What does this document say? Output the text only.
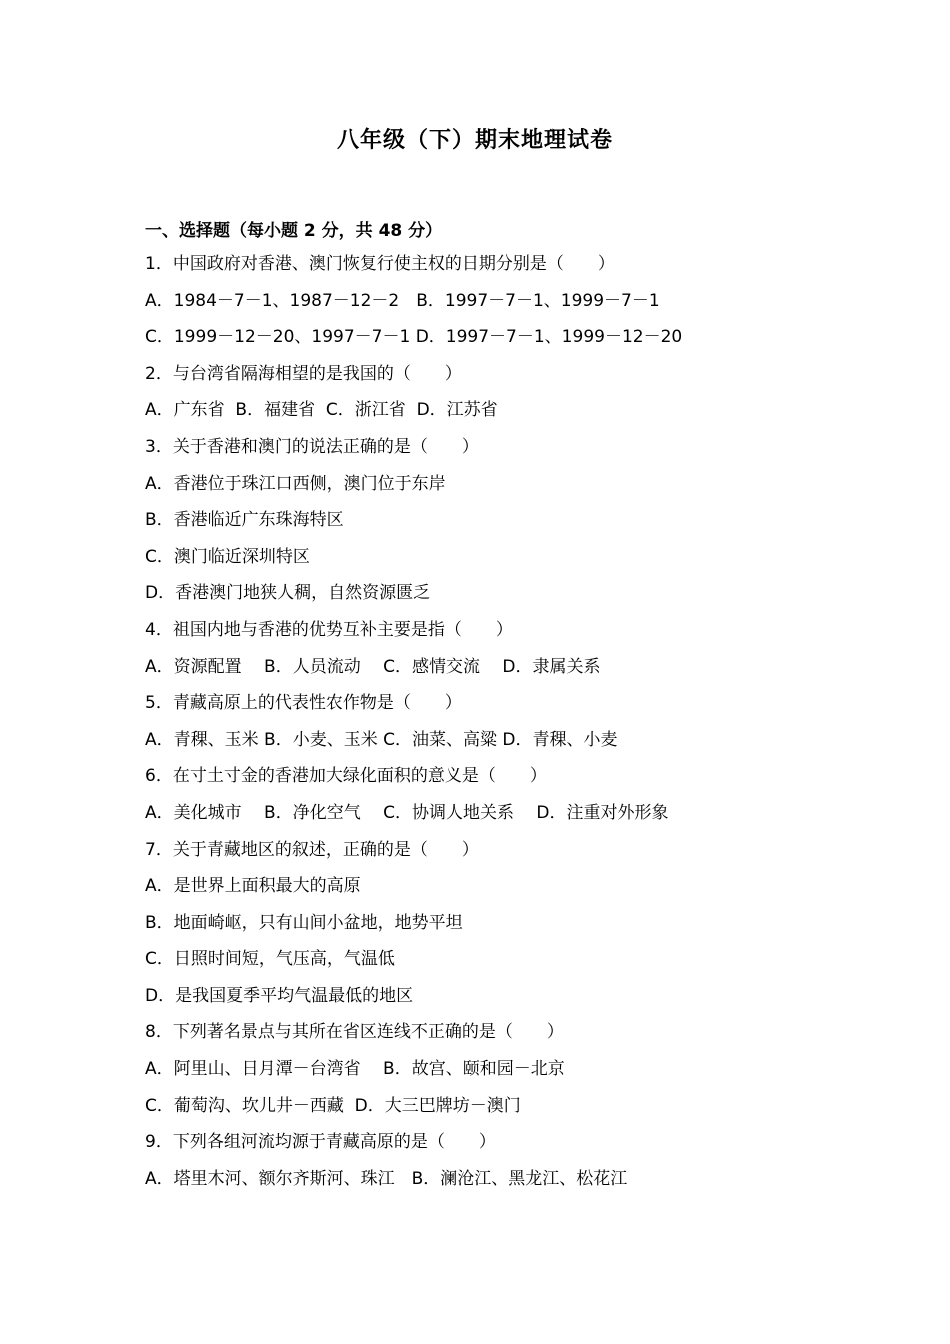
八年级（下）期末地理试卷
一、选择题（每小题 2 分，共 48 分）
1．中国政府对香港、澳门恢复行使主权的日期分别是（　　）
A．1984－7－1、1987－12－2　B．1997－7－1、1999－7－1
C．1999－12－20、1997－7－1 D．1997－7－1、1999－12－20
2．与台湾省隔海相望的是我国的（　　）
A．广东省  B．福建省  C．浙江省  D．江苏省
3．关于香港和澳门的说法正确的是（　　）
A．香港位于珠江口西侧，澳门位于东岸
B．香港临近广东珠海特区
C．澳门临近深圳特区
D．香港澳门地狭人稠，自然资源匮乏
4．祖国内地与香港的优势互补主要是指（　　）
A．资源配置　 B．人员流动　 C．感情交流　 D．隶属关系
5．青藏高原上的代表性农作物是（　　）
A．青稞、玉米 B．小麦、玉米 C．油菜、高粱 D．青稞、小麦
6．在寸土寸金的香港加大绿化面积的意义是（　　）
A．美化城市　 B．净化空气　 C．协调人地关系　 D．注重对外形象
7．关于青藏地区的叙述，正确的是（　　）
A．是世界上面积最大的高原
B．地面崎岖，只有山间小盆地，地势平坦
C．日照时间短，气压高，气温低
D．是我国夏季平均气温最低的地区
8．下列著名景点与其所在省区连线不正确的是（　　）
A．阿里山、日月潭－台湾省　 B．故宫、颐和园－北京
C．葡萄沟、坎儿井－西藏  D．大三巴牌坊－澳门
9．下列各组河流均源于青藏高原的是（　　）
A．塔里木河、额尔齐斯河、珠江　B．澜沧江、黑龙江、松花江
